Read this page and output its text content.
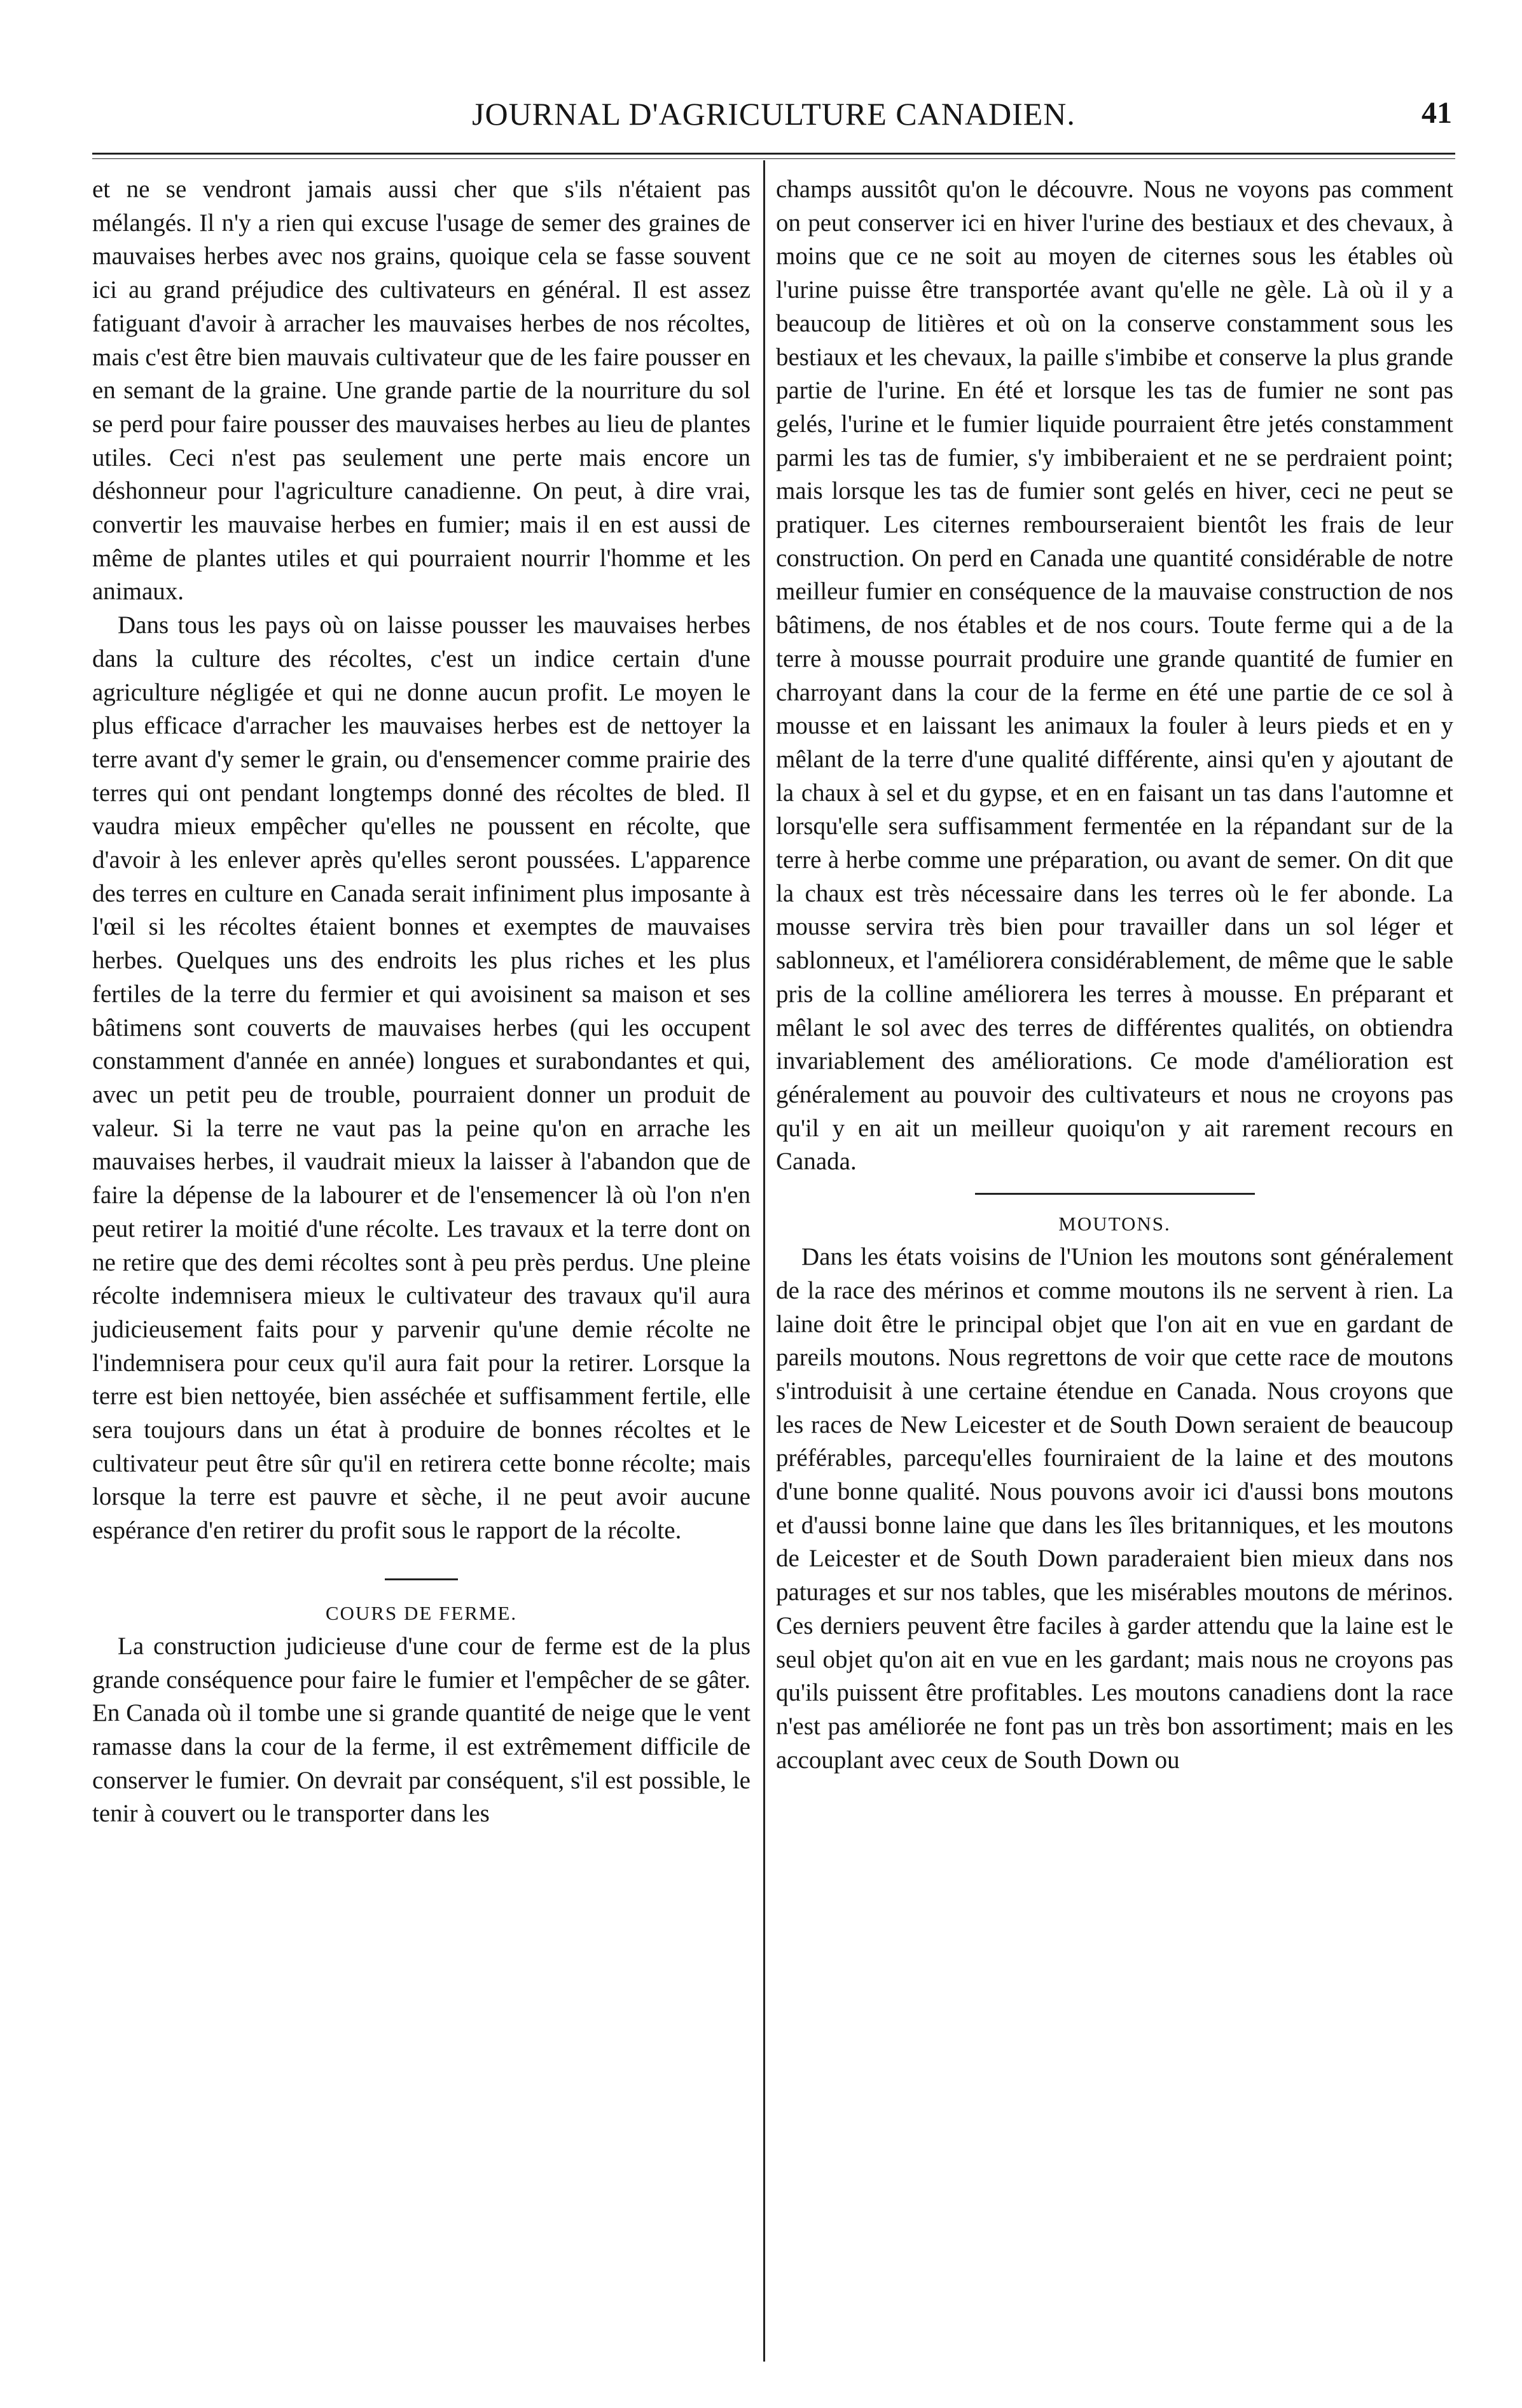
JOURNAL D'AGRICULTURE CANADIEN.	41

et ne se vendront jamais aussi cher que s'ils n'étaient pas mélangés. Il n'y a rien qui excuse l'usage de semer des graines de mauvaises herbes avec nos grains, quoique cela se fasse souvent ici au grand préjudice des cultivateurs en général. Il est assez fatiguant d'avoir à arracher les mauvaises herbes de nos récoltes, mais c'est être bien mauvais cultivateur que de les faire pousser en en semant de la graine. Une grande partie de la nourriture du sol se perd pour faire pousser des mauvaises herbes au lieu de plantes utiles. Ceci n'est pas seulement une perte mais encore un déshonneur pour l'agriculture canadienne. On peut, à dire vrai, convertir les mauvaise herbes en fumier; mais il en est aussi de même de plantes utiles et qui pourraient nourrir l'homme et les animaux.

Dans tous les pays où on laisse pousser les mauvaises herbes dans la culture des récoltes, c'est un indice certain d'une agriculture négligée et qui ne donne aucun profit. Le moyen le plus efficace d'arracher les mauvaises herbes est de nettoyer la terre avant d'y semer le grain, ou d'ensemencer comme prairie des terres qui ont pendant longtemps donné des récoltes de bled. Il vaudra mieux empêcher qu'elles ne poussent en récolte, que d'avoir à les enlever après qu'elles seront poussées. L'apparence des terres en culture en Canada serait infiniment plus imposante à l'œil si les récoltes étaient bonnes et exemptes de mauvaises herbes. Quelques uns des endroits les plus riches et les plus fertiles de la terre du fermier et qui avoisinent sa maison et ses bâtimens sont couverts de mauvaises herbes (qui les occupent constamment d'année en année) longues et surabondantes et qui, avec un petit peu de trouble, pourraient donner un produit de valeur. Si la terre ne vaut pas la peine qu'on en arrache les mauvaises herbes, il vaudrait mieux la laisser à l'abandon que de faire la dépense de la labourer et de l'ensemencer là où l'on n'en peut retirer la moitié d'une récolte. Les travaux et la terre dont on ne retire que des demi récoltes sont à peu près perdus. Une pleine récolte indemnisera mieux le cultivateur des travaux qu'il aura judicieusement faits pour y parvenir qu'une demie récolte ne l'indemnisera pour ceux qu'il aura fait pour la retirer. Lorsque la terre est bien nettoyée, bien asséchée et suffisamment fertile, elle sera toujours dans un état à produire de bonnes récoltes et le cultivateur peut être sûr qu'il en retirera cette bonne récolte; mais lorsque la terre est pauvre et sèche, il ne peut avoir aucune espérance d'en retirer du profit sous le rapport de la récolte.

COURS DE FERME.

La construction judicieuse d'une cour de ferme est de la plus grande conséquence pour faire le fumier et l'empêcher de se gâter. En Canada où il tombe une si grande quantité de neige que le vent ramasse dans la cour de la ferme, il est extrêmement difficile de conserver le fumier. On devrait par conséquent, s'il est possible, le tenir à couvert ou le transporter dans les

champs aussitôt qu'on le découvre. Nous ne voyons pas comment on peut conserver ici en hiver l'urine des bestiaux et des chevaux, à moins que ce ne soit au moyen de citernes sous les étables où l'urine puisse être transportée avant qu'elle ne gèle. Là où il y a beaucoup de litières et où on la conserve constamment sous les bestiaux et les chevaux, la paille s'imbibe et conserve la plus grande partie de l'urine. En été et lorsque les tas de fumier ne sont pas gelés, l'urine et le fumier liquide pourraient être jetés constamment parmi les tas de fumier, s'y imbiberaient et ne se perdraient point; mais lorsque les tas de fumier sont gelés en hiver, ceci ne peut se pratiquer. Les citernes rembourseraient bientôt les frais de leur construction. On perd en Canada une quantité considérable de notre meilleur fumier en conséquence de la mauvaise construction de nos bâtimens, de nos étables et de nos cours. Toute ferme qui a de la terre à mousse pourrait produire une grande quantité de fumier en charroyant dans la cour de la ferme en été une partie de ce sol à mousse et en laissant les animaux la fouler à leurs pieds et en y mêlant de la terre d'une qualité différente, ainsi qu'en y ajoutant de la chaux à sel et du gypse, et en en faisant un tas dans l'automne et lorsqu'elle sera suffisamment fermentée en la répandant sur de la terre à herbe comme une préparation, ou avant de semer. On dit que la chaux est très nécessaire dans les terres où le fer abonde. La mousse servira très bien pour travailler dans un sol léger et sablonneux, et l'améliorera considérablement, de même que le sable pris de la colline améliorera les terres à mousse. En préparant et mêlant le sol avec des terres de différentes qualités, on obtiendra invariablement des améliorations. Ce mode d'amélioration est généralement au pouvoir des cultivateurs et nous ne croyons pas qu'il y en ait un meilleur quoiqu'on y ait rarement recours en Canada.

MOUTONS.

Dans les états voisins de l'Union les moutons sont généralement de la race des mérinos et comme moutons ils ne servent à rien. La laine doit être le principal objet que l'on ait en vue en gardant de pareils moutons. Nous regrettons de voir que cette race de moutons s'introduisit à une certaine étendue en Canada. Nous croyons que les races de New Leicester et de South Down seraient de beaucoup préférables, parcequ'elles fourniraient de la laine et des moutons d'une bonne qualité. Nous pouvons avoir ici d'aussi bons moutons et d'aussi bonne laine que dans les îles britanniques, et les moutons de Leicester et de South Down paraderaient bien mieux dans nos paturages et sur nos tables, que les misérables moutons de mérinos. Ces derniers peuvent être faciles à garder attendu que la laine est le seul objet qu'on ait en vue en les gardant; mais nous ne croyons pas qu'ils puissent être profitables. Les moutons canadiens dont la race n'est pas améliorée ne font pas un très bon assortiment; mais en les accouplant avec ceux de South Down ou
